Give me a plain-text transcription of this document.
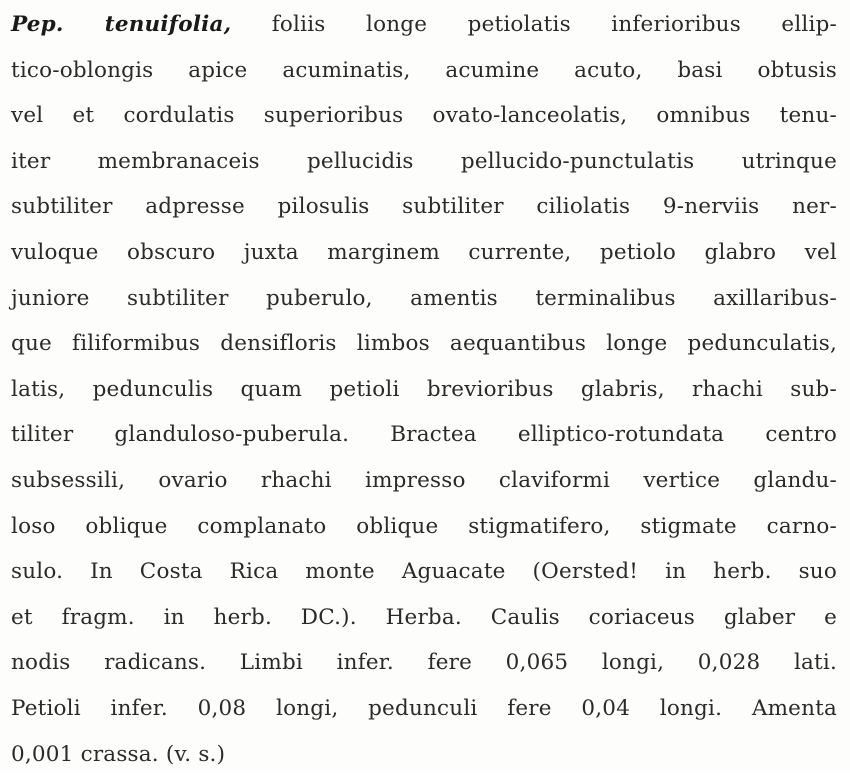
Pep. tenuifolia, foliis longe petiolatis inferioribus ellip-
tico-oblongis apice acuminatis, acumine acuto, basi obtusis
vel et cordulatis superioribus ovato-lanceolatis, omnibus tenu-
iter membranaceis pellucidis pellucido-punctulatis utrinque
subtiliter adpresse pilosulis subtiliter ciliolatis 9-nerviis ner-
vuloque obscuro juxta marginem currente, petiolo glabro vel
juniore subtiliter puberulo, amentis terminalibus axillaribus-
que filiformibus densifloris limbos aequantibus longe pedunculatis,
latis, pedunculis quam petioli brevioribus glabris, rhachi sub-
tiliter glanduloso-puberula. Bractea elliptico-rotundata centro
subsessili, ovario rhachi impresso claviformi vertice glandu-
loso oblique complanato oblique stigmatifero, stigmate carno-
sulo. In Costa Rica monte Aguacate (Oersted! in herb. suo
et fragm. in herb. DC.). Herba. Caulis coriaceus glaber e
nodis radicans. Limbi infer. fere 0,065 longi, 0,028 lati.
Petioli infer. 0,08 longi, pedunculi fere 0,04 longi. Amenta
0,001 crassa. (v. s.)
